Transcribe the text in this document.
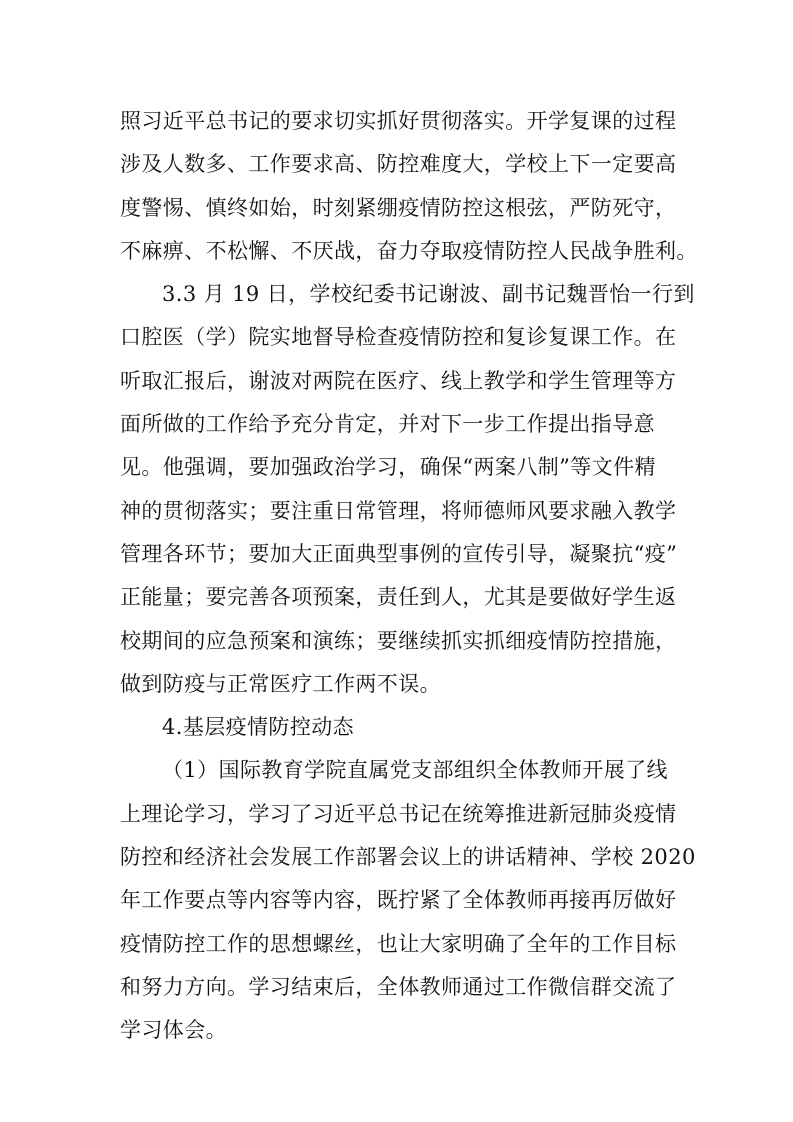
照习近平总书记的要求切实抓好贯彻落实。开学复课的过程
涉及人数多、工作要求高、防控难度大，学校上下一定要高
度警惕、慎终如始，时刻紧绷疫情防控这根弦，严防死守，
不麻痹、不松懈、不厌战，奋力夺取疫情防控人民战争胜利。
3.3 月 19 日，学校纪委书记谢波、副书记魏晋怡一行到
口腔医（学）院实地督导检查疫情防控和复诊复课工作。在
听取汇报后，谢波对两院在医疗、线上教学和学生管理等方
面所做的工作给予充分肯定，并对下一步工作提出指导意
见。他强调，要加强政治学习，确保“两案八制”等文件精
神的贯彻落实；要注重日常管理，将师德师风要求融入教学
管理各环节；要加大正面典型事例的宣传引导，凝聚抗“疫”
正能量；要完善各项预案，责任到人，尤其是要做好学生返
校期间的应急预案和演练；要继续抓实抓细疫情防控措施，
做到防疫与正常医疗工作两不误。
4.基层疫情防控动态
（1）国际教育学院直属党支部组织全体教师开展了线
上理论学习，学习了习近平总书记在统筹推进新冠肺炎疫情
防控和经济社会发展工作部署会议上的讲话精神、学校 2020
年工作要点等内容等内容，既拧紧了全体教师再接再厉做好
疫情防控工作的思想螺丝，也让大家明确了全年的工作目标
和努力方向。学习结束后，全体教师通过工作微信群交流了
学习体会。
